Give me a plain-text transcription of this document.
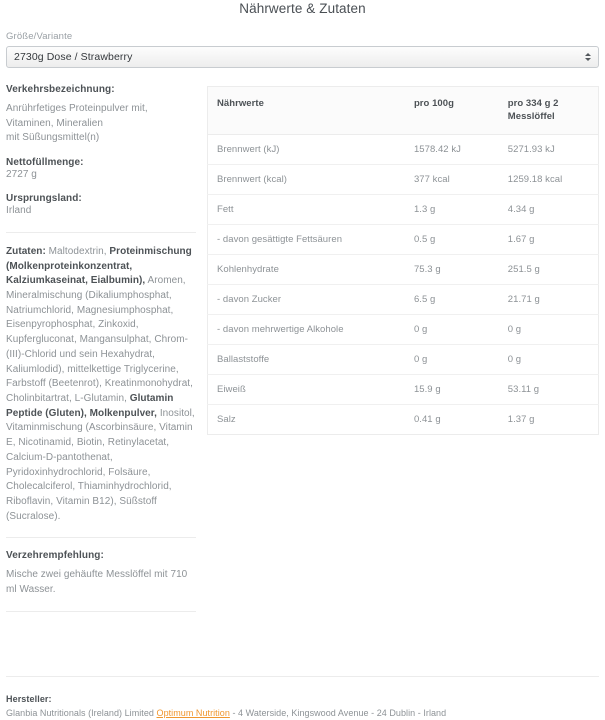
Nährwerte & Zutaten
Größe/Variante
2730g Dose / Strawberry
Verkehrsbezeichnung:
Anrührfetiges Proteinpulver mit, Vitaminen, Mineralien
mit Süßungsmittel(n)
Nettofüllmenge:
2727 g
Ursprungsland:
Irland
Zutaten: Maltodextrin, Proteinmischung (Molkenproteinkonzentrat, Kalziumkaseinat, Eialbumin), Aromen, Mineralmischung (Dikaliumphosphat, Natriumchlorid, Magnesiumphosphat, Eisenpyrophosphat, Zinkoxid, Kupfergluconat, Mangansulphat, Chrom-(III)-Chlorid und sein Hexahydrat, Kaliumlodid), mittelkettige Triglycerine, Farbstoff (Beetenrot), Kreatinmonohydrat, Cholinbitartrat, L-Glutamin, Glutamin Peptide (Gluten), Molkenpulver, Inositol, Vitaminmischung (Ascorbinsäure, Vitamin E, Nicotinamid, Biotin, Retinylacetat, Calcium-D-pantothenat, Pyridoxinhydrochlorid, Folsäure, Cholecalciferol, Thiaminhydrochlorid, Riboflavin, Vitamin B12), Süßstoff (Sucralose).
Verzehrempfehlung:
Mische zwei gehäufte Messlöffel mit 710 ml Wasser.
Nährwerte	pro 100g	pro 334 g 2 Messlöffel
Brennwert (kJ)	1578.42 kJ	5271.93 kJ
Brennwert (kcal)	377 kcal	1259.18 kcal
Fett	1.3 g	4.34 g
- davon gesättigte Fettsäuren	0.5 g	1.67 g
Kohlenhydrate	75.3 g	251.5 g
- davon Zucker	6.5 g	21.71 g
- davon mehrwertige Alkohole	0 g	0 g
Ballaststoffe	0 g	0 g
Eiweiß	15.9 g	53.11 g
Salz	0.41 g	1.37 g
Hersteller:
Glanbia Nutritionals (Ireland) Limited Optimum Nutrition - 4 Waterside, Kingswood Avenue - 24 Dublin - Irland
